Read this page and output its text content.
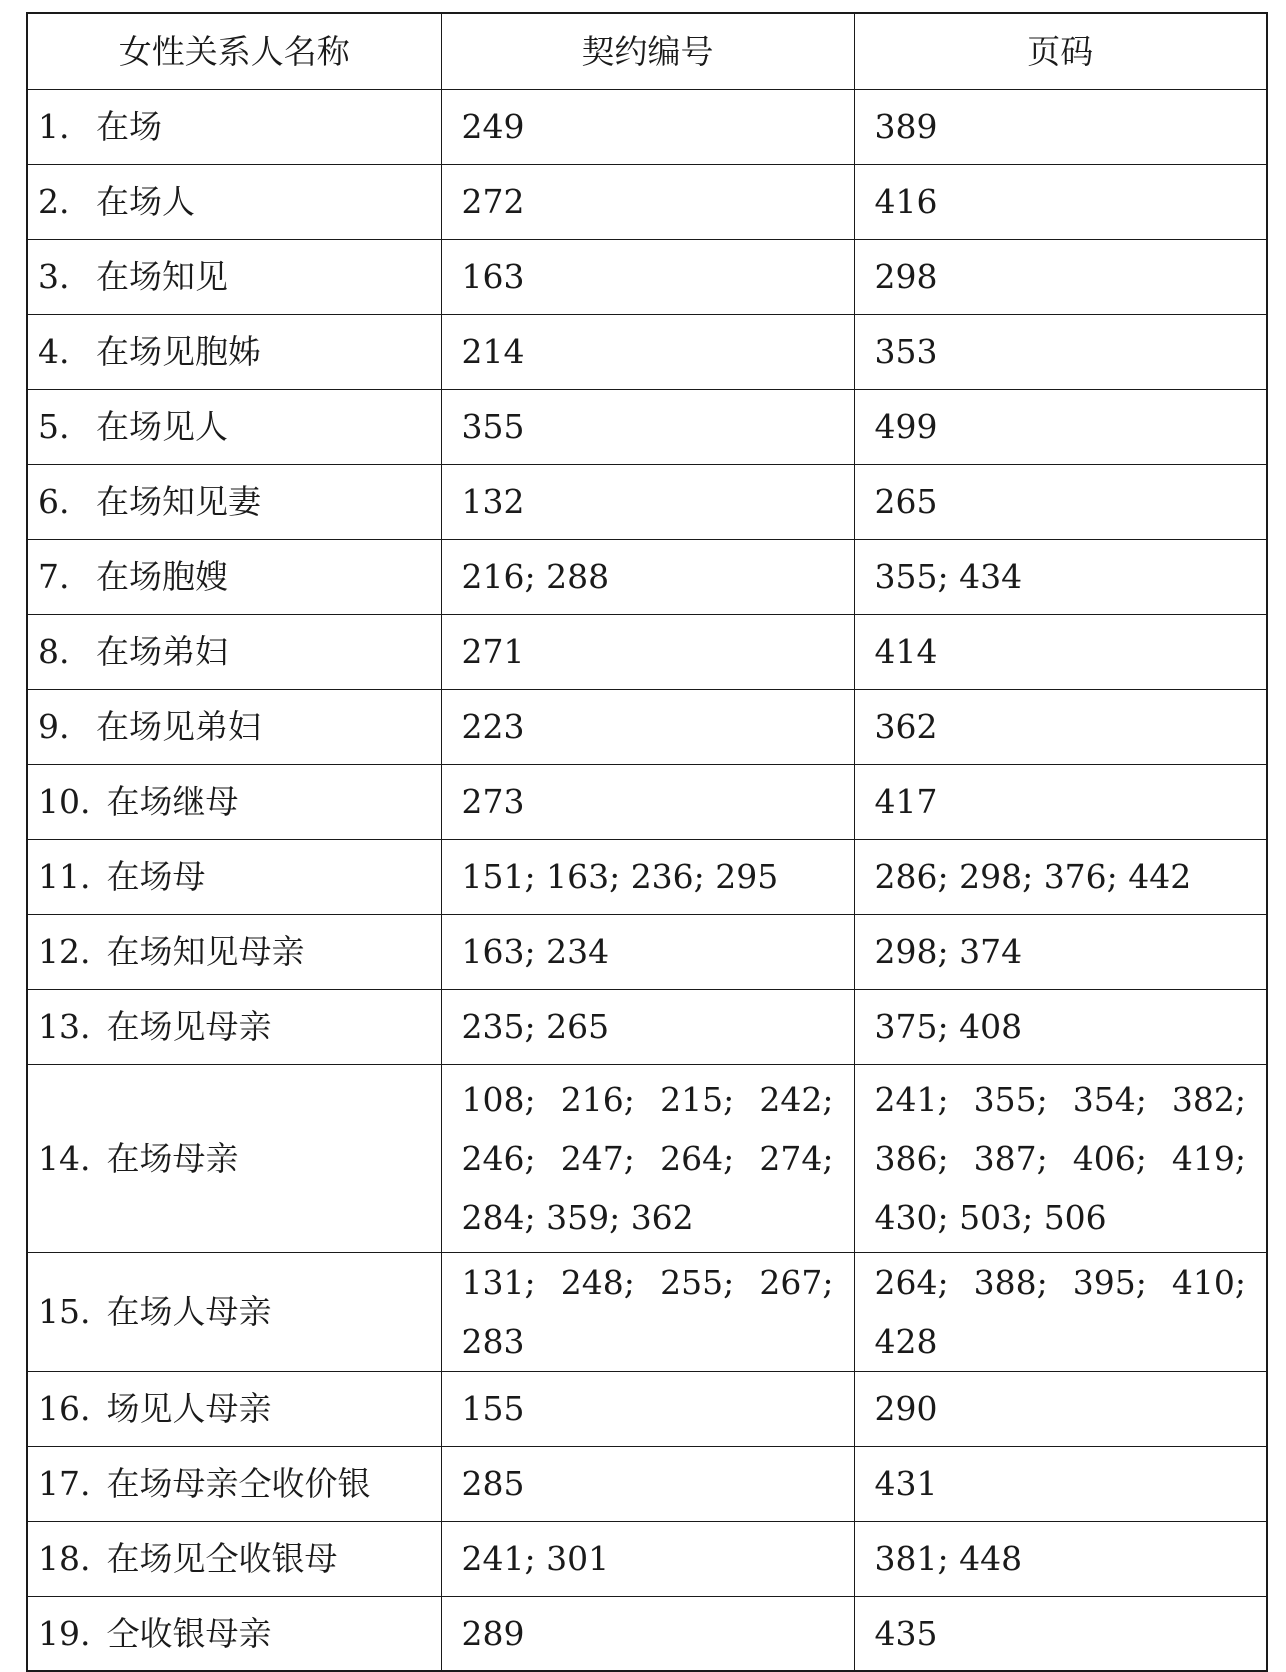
女性关系人名称	契约编号	页码
1. 在场	249	389
2. 在场人	272	416
3. 在场知见	163	298
4. 在场见胞姊	214	353
5. 在场见人	355	499
6. 在场知见妻	132	265
7. 在场胞嫂	216; 288	355; 434
8. 在场弟妇	271	414
9. 在场见弟妇	223	362
10. 在场继母	273	417
11. 在场母	151; 163; 236; 295	286; 298; 376; 442
12. 在场知见母亲	163; 234	298; 374
13. 在场见母亲	235; 265	375; 408
14. 在场母亲	108; 216; 215; 242; 246; 247; 264; 274; 284; 359; 362	241; 355; 354; 382; 386; 387; 406; 419; 430; 503; 506
15. 在场人母亲	131; 248; 255; 267; 283	264; 388; 395; 410; 428
16. 场见人母亲	155	290
17. 在场母亲仝收价银	285	431
18. 在场见仝收银母	241; 301	381; 448
19. 仝收银母亲	289	435
